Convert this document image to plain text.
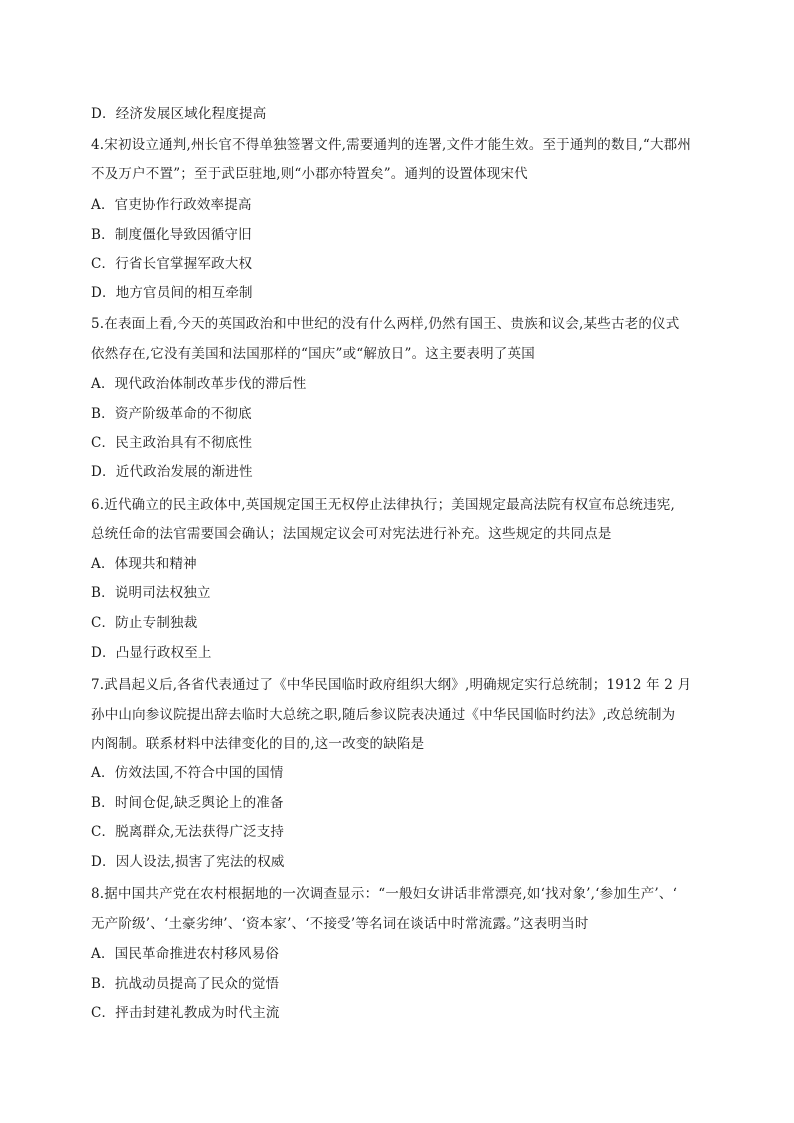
D．经济发展区域化程度提高
4.宋初设立通判,州长官不得单独签署文件,需要通判的连署,文件才能生效。至于通判的数目,“大郡州
不及万户不置”；至于武臣驻地,则“小郡亦特置矣”。通判的设置体现宋代
A．官吏协作行政效率提高
B．制度僵化导致因循守旧
C．行省长官掌握军政大权
D．地方官员间的相互牵制
5.在表面上看,今天的英国政治和中世纪的没有什么两样,仍然有国王、贵族和议会,某些古老的仪式
依然存在,它没有美国和法国那样的“国庆”或“解放日”。这主要表明了英国
A．现代政治体制改革步伐的滞后性
B．资产阶级革命的不彻底
C．民主政治具有不彻底性
D．近代政治发展的渐进性
6.近代确立的民主政体中,英国规定国王无权停止法律执行；美国规定最高法院有权宣布总统违宪,
总统任命的法官需要国会确认；法国规定议会可对宪法进行补充。这些规定的共同点是
A．体现共和精神
B．说明司法权独立
C．防止专制独裁
D．凸显行政权至上
7.武昌起义后,各省代表通过了《中华民国临时政府组织大纲》,明确规定实行总统制；1912 年 2 月
孙中山向参议院提出辞去临时大总统之职,随后参议院表决通过《中华民国临时约法》,改总统制为
内阁制。联系材料中法律变化的目的,这一改变的缺陷是
A．仿效法国,不符合中国的国情
B．时间仓促,缺乏舆论上的准备
C．脱离群众,无法获得广泛支持
D．因人设法,损害了宪法的权威
8.据中国共产党在农村根据地的一次调查显示：“一般妇女讲话非常漂亮,如‘找对象’,‘参加生产’、‘
无产阶级’、‘土豪劣绅’、‘资本家’、‘不接受’等名词在谈话中时常流露。”这表明当时
A．国民革命推进农村移风易俗
B．抗战动员提高了民众的觉悟
C．抨击封建礼教成为时代主流
